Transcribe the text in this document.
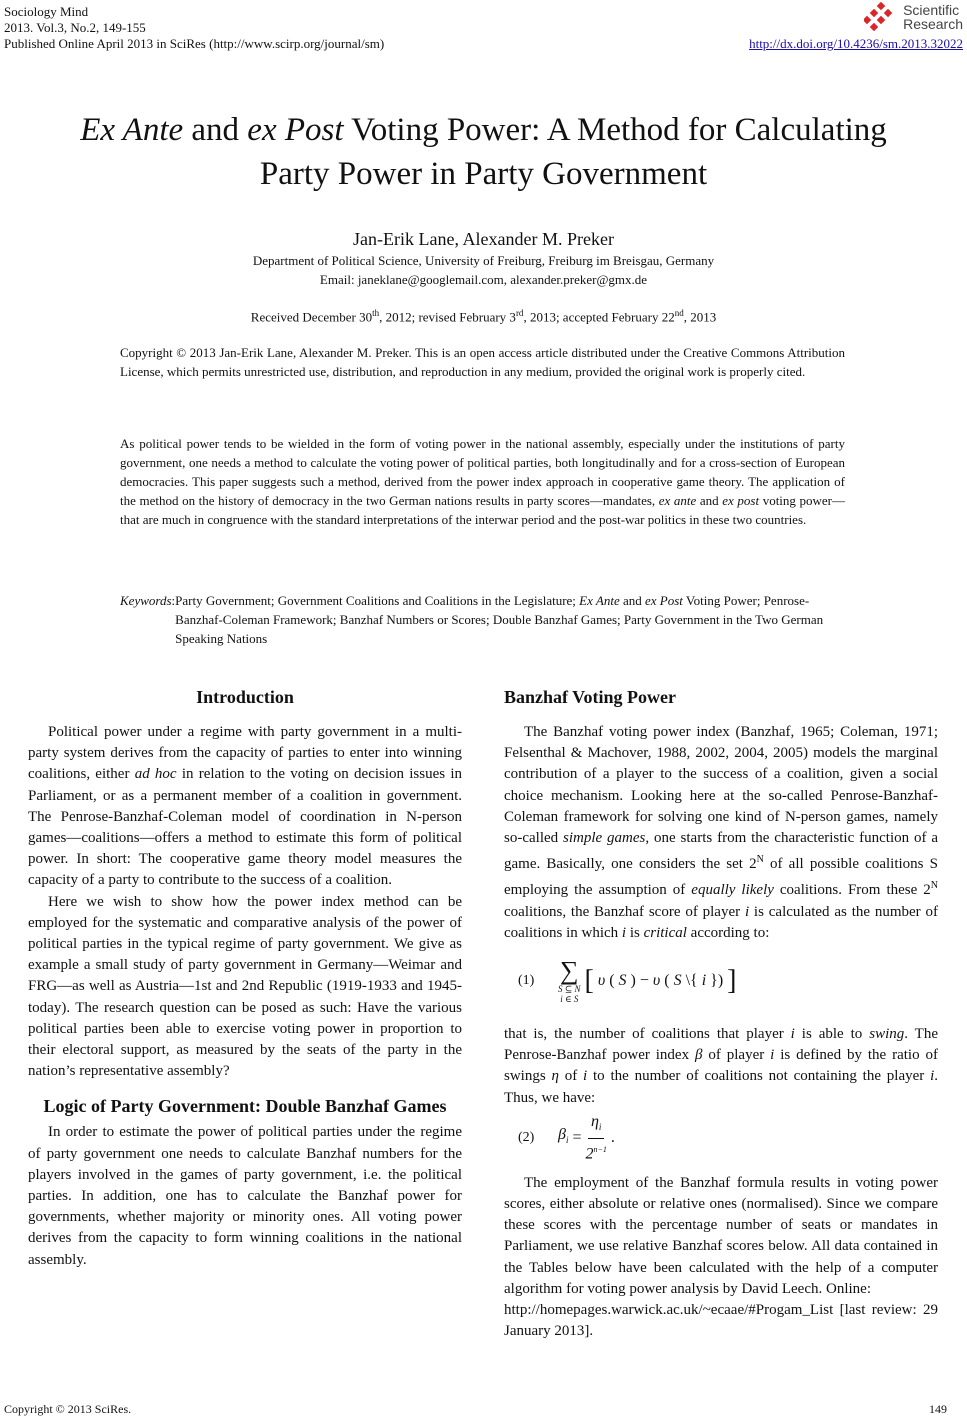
Sociology Mind
2013. Vol.3, No.2, 149-155
Published Online April 2013 in SciRes (http://www.scirp.org/journal/sm)	http://dx.doi.org/10.4236/sm.2013.32022
Scientific
Research
Ex Ante and ex Post Voting Power: A Method for Calculating
Party Power in Party Government
Jan-Erik Lane, Alexander M. Preker
Department of Political Science, University of Freiburg, Freiburg im Breisgau, Germany
Email: janeklane@googlemail.com, alexander.preker@gmx.de
Received December 30th, 2012; revised February 3rd, 2013; accepted February 22nd, 2013
Copyright © 2013 Jan-Erik Lane, Alexander M. Preker. This is an open access article distributed under the Creative Commons Attribution License, which permits unrestricted use, distribution, and reproduction in any medium, provided the original work is properly cited.
As political power tends to be wielded in the form of voting power in the national assembly, especially under the institutions of party government, one needs a method to calculate the voting power of political parties, both longitudinally and for a cross-section of European democracies. This paper suggests such a method, derived from the power index approach in cooperative game theory. The application of the method on the history of democracy in the two German nations results in party scores—mandates, ex ante and ex post voting power—that are much in congruence with the standard interpretations of the interwar period and the post-war politics in these two countries.
Keywords: Party Government; Government Coalitions and Coalitions in the Legislature; Ex Ante and ex Post Voting Power; Penrose-Banzhaf-Coleman Framework; Banzhaf Numbers or Scores; Double Banzhaf Games; Party Government in the Two German Speaking Nations
Introduction

Political power under a regime with party government in a multi-party system derives from the capacity of parties to enter into winning coalitions, either ad hoc in relation to the voting on decision issues in Parliament, or as a permanent member of a coalition in government. The Penrose-Banzhaf-Coleman model of coordination in N-person games—coalitions—offers a method to estimate this form of political power. In short: The cooperative game theory model measures the capacity of a party to contribute to the success of a coalition.

Here we wish to show how the power index method can be employed for the systematic and comparative analysis of the power of political parties in the typical regime of party government. We give as example a small study of party government in Germany—Weimar and FRG—as well as Austria—1st and 2nd Republic (1919-1933 and 1945-today). The research question can be posed as such: Have the various political parties been able to exercise voting power in proportion to their electoral support, as measured by the seats of the party in the nation’s representative assembly?

Logic of Party Government: Double Banzhaf Games

In order to estimate the power of political parties under the regime of party government one needs to calculate Banzhaf numbers for the players involved in the games of party government, i.e. the political parties. In addition, one has to calculate the Banzhaf power for governments, whether majority or minority ones. All voting power derives from the capacity to form winning coalitions in the national assembly.

Banzhaf Voting Power

The Banzhaf voting power index (Banzhaf, 1965; Coleman, 1971; Felsenthal & Machover, 1988, 2002, 2004, 2005) models the marginal contribution of a player to the success of a coalition, given a social choice mechanism. Looking here at the so-called Penrose-Banzhaf-Coleman framework for solving one kind of N-person games, namely so-called simple games, one starts from the characteristic function of a game. Basically, one considers the set $2^N$ of all possible coalitions S employing the assumption of equally likely coalitions. From these $2^N$ coalitions, the Banzhaf score of player i is calculated as the number of coalitions in which i is critical according to:

(1) ∑
S ⊆ N
i ∈ S
[ υ ( S ) − υ ( S \{ i }) ]

that is, the number of coalitions that player i is able to swing. The Penrose-Banzhaf power index β of player i is defined by the ratio of swings η of i to the number of coalitions not containing the player i. Thus, we have:

(2)	$\beta_i = \frac{\eta_i}{2^{n-1}}$ .

The employment of the Banzhaf formula results in voting power scores, either absolute or relative ones (normalised). Since we compare these scores with the percentage number of seats or mandates in Parliament, we use relative Banzhaf scores below. All data contained in the Tables below have been calculated with the help of a computer algorithm for voting power analysis by David Leech. Online:

http://homepages.warwick.ac.uk/~ecaae/#Progam_List [last review: 29 January 2013].

Copyright © 2013 SciRes.	149
